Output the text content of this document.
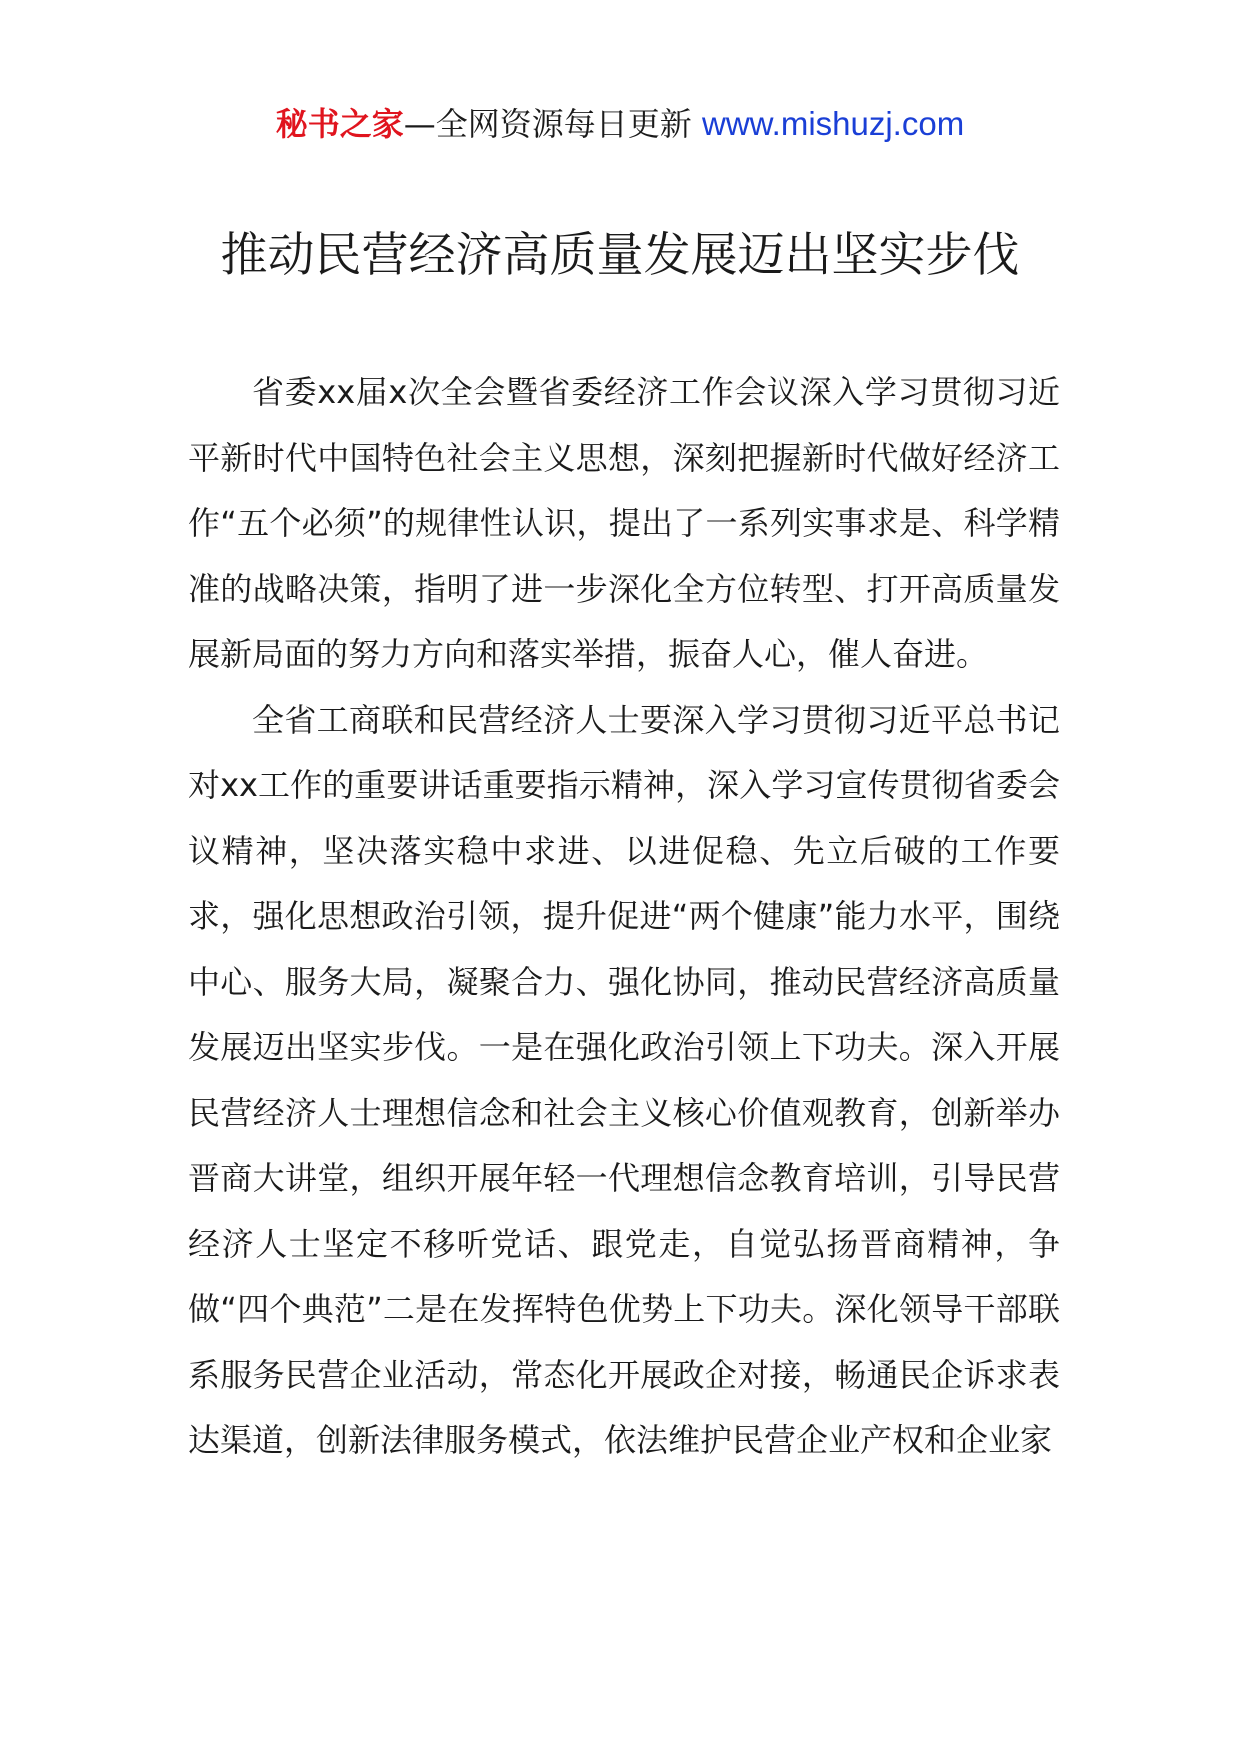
秘书之家—全网资源每日更新 www.mishuzj.com
推动民营经济高质量发展迈出坚实步伐

省委xx届x次全会暨省委经济工作会议深入学习贯彻习近平新时代中国特色社会主义思想，深刻把握新时代做好经济工作“五个必须”的规律性认识，提出了一系列实事求是、科学精准的战略决策，指明了进一步深化全方位转型、打开高质量发展新局面的努力方向和落实举措，振奋人心，催人奋进。

全省工商联和民营经济人士要深入学习贯彻习近平总书记对xx工作的重要讲话重要指示精神，深入学习宣传贯彻省委会议精神，坚决落实稳中求进、以进促稳、先立后破的工作要求，强化思想政治引领，提升促进“两个健康”能力水平，围绕中心、服务大局，凝聚合力、强化协同，推动民营经济高质量发展迈出坚实步伐。一是在强化政治引领上下功夫。深入开展民营经济人士理想信念和社会主义核心价值观教育，创新举办晋商大讲堂，组织开展年轻一代理想信念教育培训，引导民营经济人士坚定不移听党话、跟党走，自觉弘扬晋商精神，争做“四个典范”二是在发挥特色优势上下功夫。深化领导干部联系服务民营企业活动，常态化开展政企对接，畅通民企诉求表达渠道，创新法律服务模式，依法维护民营企业产权和企业家
